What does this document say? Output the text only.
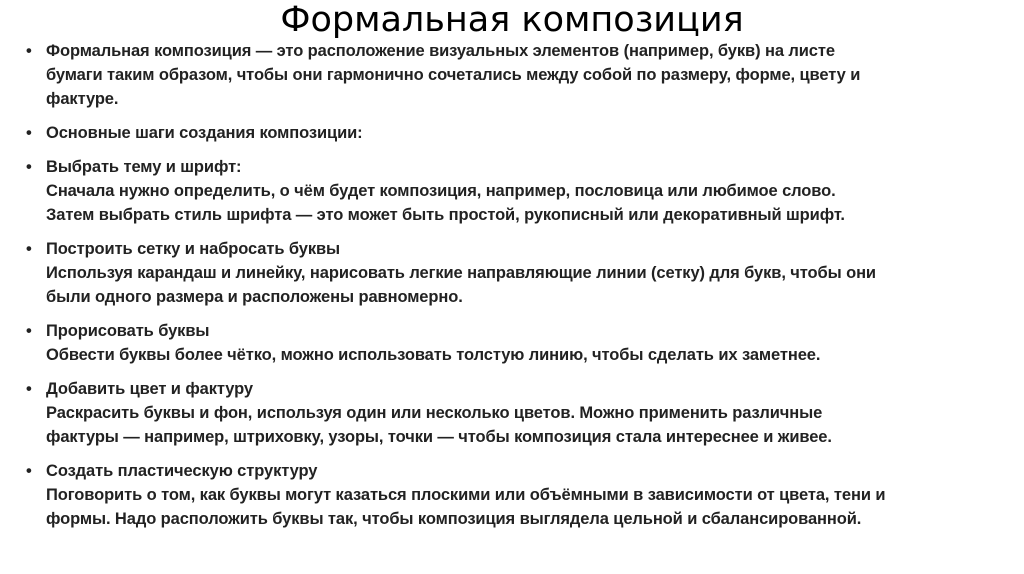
Формальная композиция
• Формальная композиция — это расположение визуальных элементов (например, букв) на листе
бумаги таким образом, чтобы они гармонично сочетались между собой по размеру, форме, цвету и
фактуре.
• Основные шаги создания композиции:
• Выбрать тему и шрифт:
Сначала нужно определить, о чём будет композиция, например, пословица или любимое слово.
Затем выбрать стиль шрифта — это может быть простой, рукописный или декоративный шрифт.
• Построить сетку и набросать буквы
Используя карандаш и линейку, нарисовать легкие направляющие линии (сетку) для букв, чтобы они
были одного размера и расположены равномерно.
• Прорисовать буквы
Обвести буквы более чётко, можно использовать толстую линию, чтобы сделать их заметнее.
• Добавить цвет и фактуру
Раскрасить буквы и фон, используя один или несколько цветов. Можно применить различные
фактуры — например, штриховку, узоры, точки — чтобы композиция стала интереснее и живее.
• Создать пластическую структуру
Поговорить о том, как буквы могут казаться плоскими или объёмными в зависимости от цвета, тени и
формы. Надо расположить буквы так, чтобы композиция выглядела цельной и сбалансированной.
